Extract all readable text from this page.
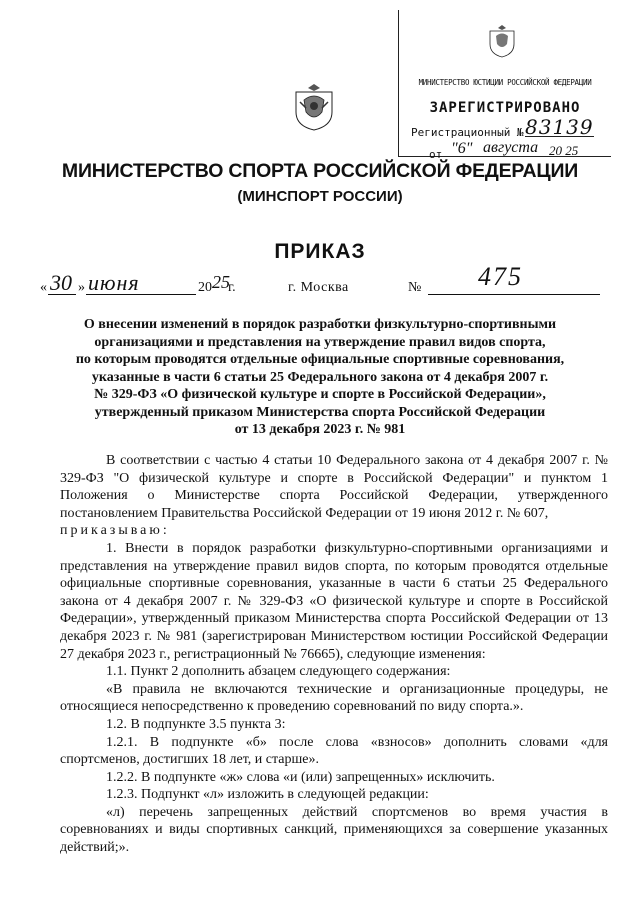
МИНИСТЕРСТВО ЮСТИЦИИ РОССИЙСКОЙ ФЕДЕРАЦИИ
ЗАРЕГИСТРИРОВАНО
Регистрационный № 83139
от "6" августа 20 25
МИНИСТЕРСТВО СПОРТА РОССИЙСКОЙ ФЕДЕРАЦИИ
(МИНСПОРТ РОССИИ)
ПРИКАЗ
« 30 » июня	20 25
г.	г. Москва	№ 475
О внесении изменений в порядок разработки физкультурно-спортивными
организациями и представления на утверждение правил видов спорта,
по которым проводятся отдельные официальные спортивные соревнования,
указанные в части 6 статьи 25 Федерального закона от 4 декабря 2007 г.
№ 329-ФЗ «О физической культуре и спорте в Российской Федерации»,
утвержденный приказом Министерства спорта Российской Федерации
от 13 декабря 2023 г. № 981

В соответствии с частью 4 статьи 10 Федерального закона от 4 декабря 2007 г. № 329-ФЗ "О физической культуре и спорте в Российской Федерации" и пунктом 1 Положения о Министерстве спорта Российской Федерации, утвержденного постановлением Правительства Российской Федерации от 19 июня 2012 г. № 607,

приказываю:

1. Внести в порядок разработки физкультурно-спортивными организациями и представления на утверждение правил видов спорта, по которым проводятся отдельные официальные спортивные соревнования, указанные в части 6 статьи 25 Федерального закона от 4 декабря 2007 г. № 329-ФЗ «О физической культуре и спорте в Российской Федерации», утвержденный приказом Министерства спорта Российской Федерации от 13 декабря 2023 г. № 981 (зарегистрирован Министерством юстиции Российской Федерации 27 декабря 2023 г., регистрационный № 76665), следующие изменения:

1.1. Пункт 2 дополнить абзацем следующего содержания:

«В правила не включаются технические и организационные процедуры, не относящиеся непосредственно к проведению соревнований по виду спорта.».

1.2. В подпункте 3.5 пункта 3:

1.2.1. В подпункте «б» после слова «взносов» дополнить словами «для спортсменов, достигших 18 лет, и старше».

1.2.2. В подпункте «ж» слова «и (или) запрещенных» исключить.

1.2.3. Подпункт «л» изложить в следующей редакции:

«л) перечень запрещенных действий спортсменов во время участия в соревнованиях и виды спортивных санкций, применяющихся за совершение указанных действий;».
